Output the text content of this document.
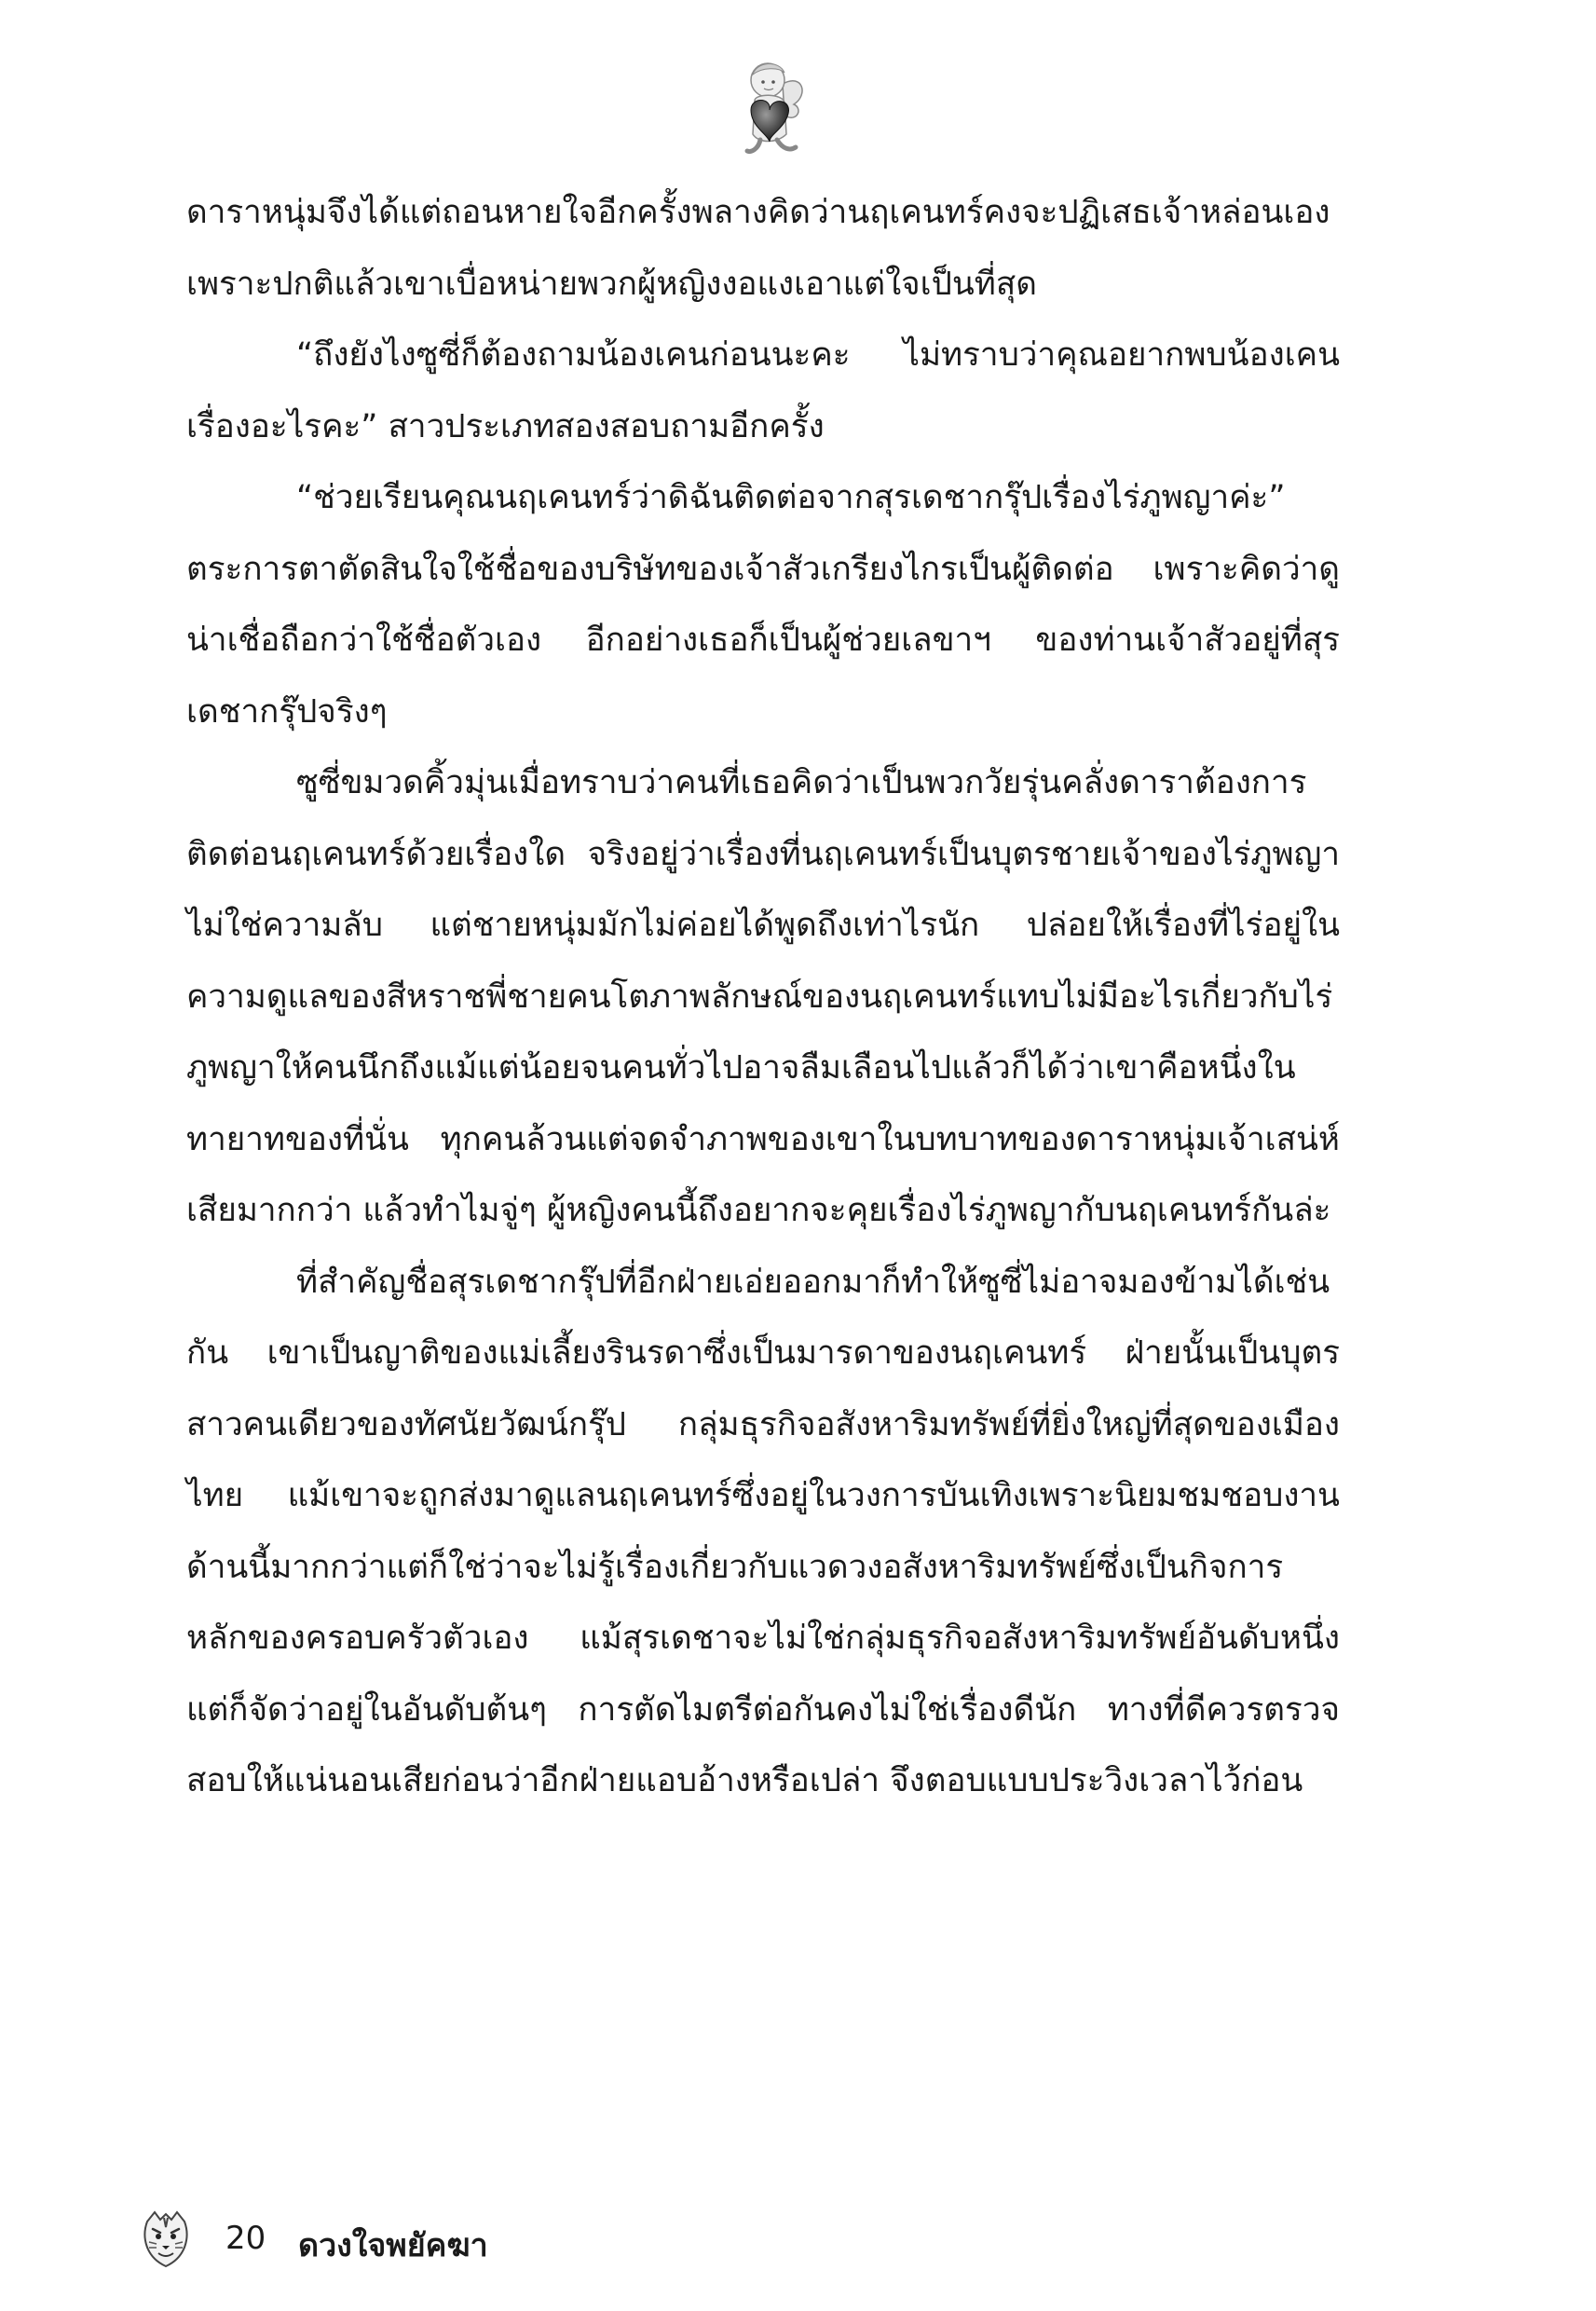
ดาราหนุ่มจึงได้แต่ถอนหายใจอีกครั้งพลางคิดว่านฤเคนทร์คงจะปฏิเสธเจ้าหล่อนเอง เพราะปกติแล้วเขาเบื่อหน่ายพวกผู้หญิงงอแงเอาแต่ใจเป็นที่สุด

“ถึงยังไงซูซี่ก็ต้องถามน้องเคนก่อนนะคะ ไม่ทราบว่าคุณอยากพบน้องเคนเรื่องอะไรคะ” สาวประเภทสองสอบถามอีกครั้ง

“ช่วยเรียนคุณนฤเคนทร์ว่าดิฉันติดต่อจากสุรเดชากรุ๊ปเรื่องไร่ภูพญาค่ะ” ตระการตาตัดสินใจใช้ชื่อของบริษัทของเจ้าสัวเกรียงไกรเป็นผู้ติดต่อ เพราะคิดว่าดูน่าเชื่อถือกว่าใช้ชื่อตัวเอง อีกอย่างเธอก็เป็นผู้ช่วยเลขาฯ ของท่านเจ้าสัวอยู่ที่สุรเดชากรุ๊ปจริงๆ

ซูซี่ขมวดคิ้วมุ่นเมื่อทราบว่าคนที่เธอคิดว่าเป็นพวกวัยรุ่นคลั่งดาราต้องการติดต่อนฤเคนทร์ด้วยเรื่องใด จริงอยู่ว่าเรื่องที่นฤเคนทร์เป็นบุตรชายเจ้าของไร่ภูพญาไม่ใช่ความลับ แต่ชายหนุ่มมักไม่ค่อยได้พูดถึงเท่าไรนัก ปล่อยให้เรื่องที่ไร่อยู่ในความดูแลของสีหราชพี่ชายคนโตภาพลักษณ์ของนฤเคนทร์แทบไม่มีอะไรเกี่ยวกับไร่ภูพญาให้คนนึกถึงแม้แต่น้อยจนคนทั่วไปอาจลืมเลือนไปแล้วก็ได้ว่าเขาคือหนึ่งในทายาทของที่นั่น ทุกคนล้วนแต่จดจำภาพของเขาในบทบาทของดาราหนุ่มเจ้าเสน่ห์เสียมากกว่า แล้วทำไมจู่ๆ ผู้หญิงคนนี้ถึงอยากจะคุยเรื่องไร่ภูพญากับนฤเคนทร์กันล่ะ

ที่สำคัญชื่อสุรเดชากรุ๊ปที่อีกฝ่ายเอ่ยออกมาก็ทำให้ซูซี่ไม่อาจมองข้ามได้เช่นกัน เขาเป็นญาติของแม่เลี้ยงรินรดาซึ่งเป็นมารดาของนฤเคนทร์ ฝ่ายนั้นเป็นบุตรสาวคนเดียวของทัศนัยวัฒน์กรุ๊ป กลุ่มธุรกิจอสังหาริมทรัพย์ที่ยิ่งใหญ่ที่สุดของเมืองไทย แม้เขาจะถูกส่งมาดูแลนฤเคนทร์ซึ่งอยู่ในวงการบันเทิงเพราะนิยมชมชอบงานด้านนี้มากกว่าแต่ก็ใช่ว่าจะไม่รู้เรื่องเกี่ยวกับแวดวงอสังหาริมทรัพย์ซึ่งเป็นกิจการหลักของครอบครัวตัวเอง แม้สุรเดชาจะไม่ใช่กลุ่มธุรกิจอสังหาริมทรัพย์อันดับหนึ่ง แต่ก็จัดว่าอยู่ในอันดับต้นๆ การตัดไมตรีต่อกันคงไม่ใช่เรื่องดีนัก ทางที่ดีควรตรวจสอบให้แน่นอนเสียก่อนว่าอีกฝ่ายแอบอ้างหรือเปล่า จึงตอบแบบประวิงเวลาไว้ก่อน

20 ดวงใจพยัคฆา
